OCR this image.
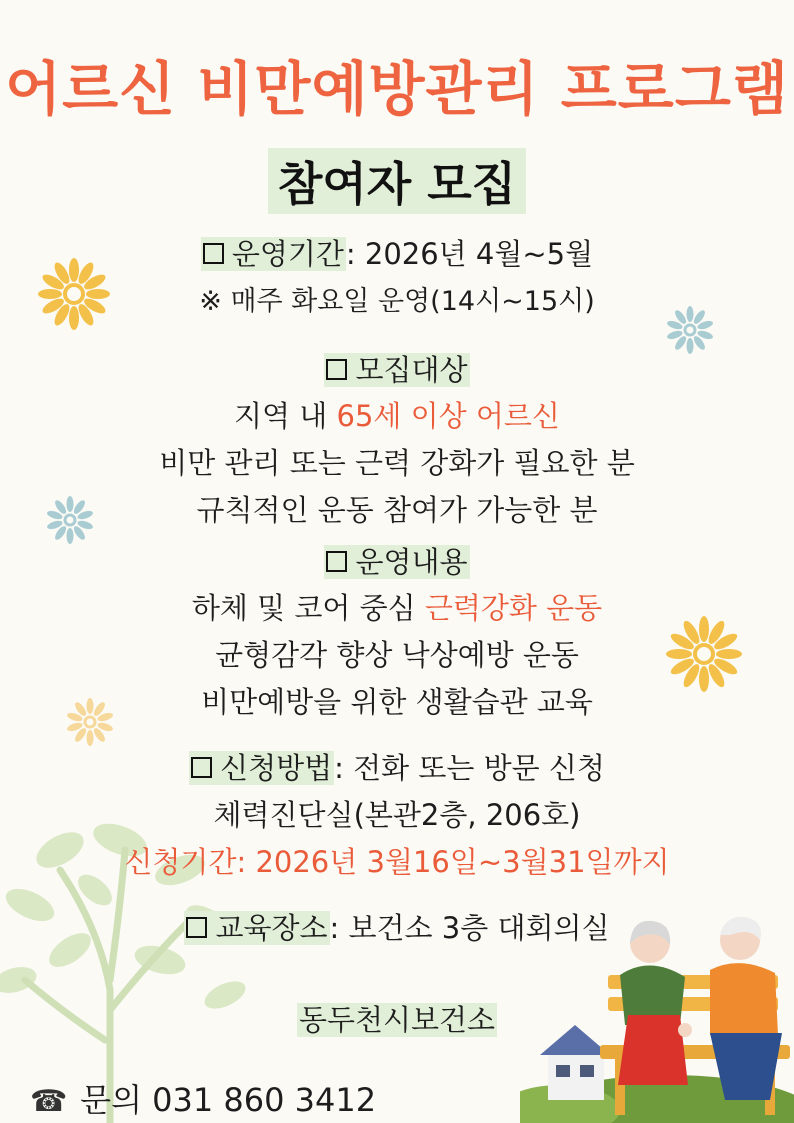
어르신 비만예방관리 프로그램
참여자 모집
운영기간: 2026년 4월~5월
※ 매주 화요일 운영(14시~15시)
모집대상
지역 내 65세 이상 어르신
비만 관리 또는 근력 강화가 필요한 분
규칙적인 운동 참여가 가능한 분
운영내용
하체 및 코어 중심 근력강화 운동
균형감각 향상 낙상예방 운동
비만예방을 위한 생활습관 교육
신청방법: 전화 또는 방문 신청
체력진단실(본관2층, 206호)
신청기간: 2026년 3월16일~3월31일까지
교육장소: 보건소 3층 대회의실
동두천시보건소
☎ 문의 031 860 3412
